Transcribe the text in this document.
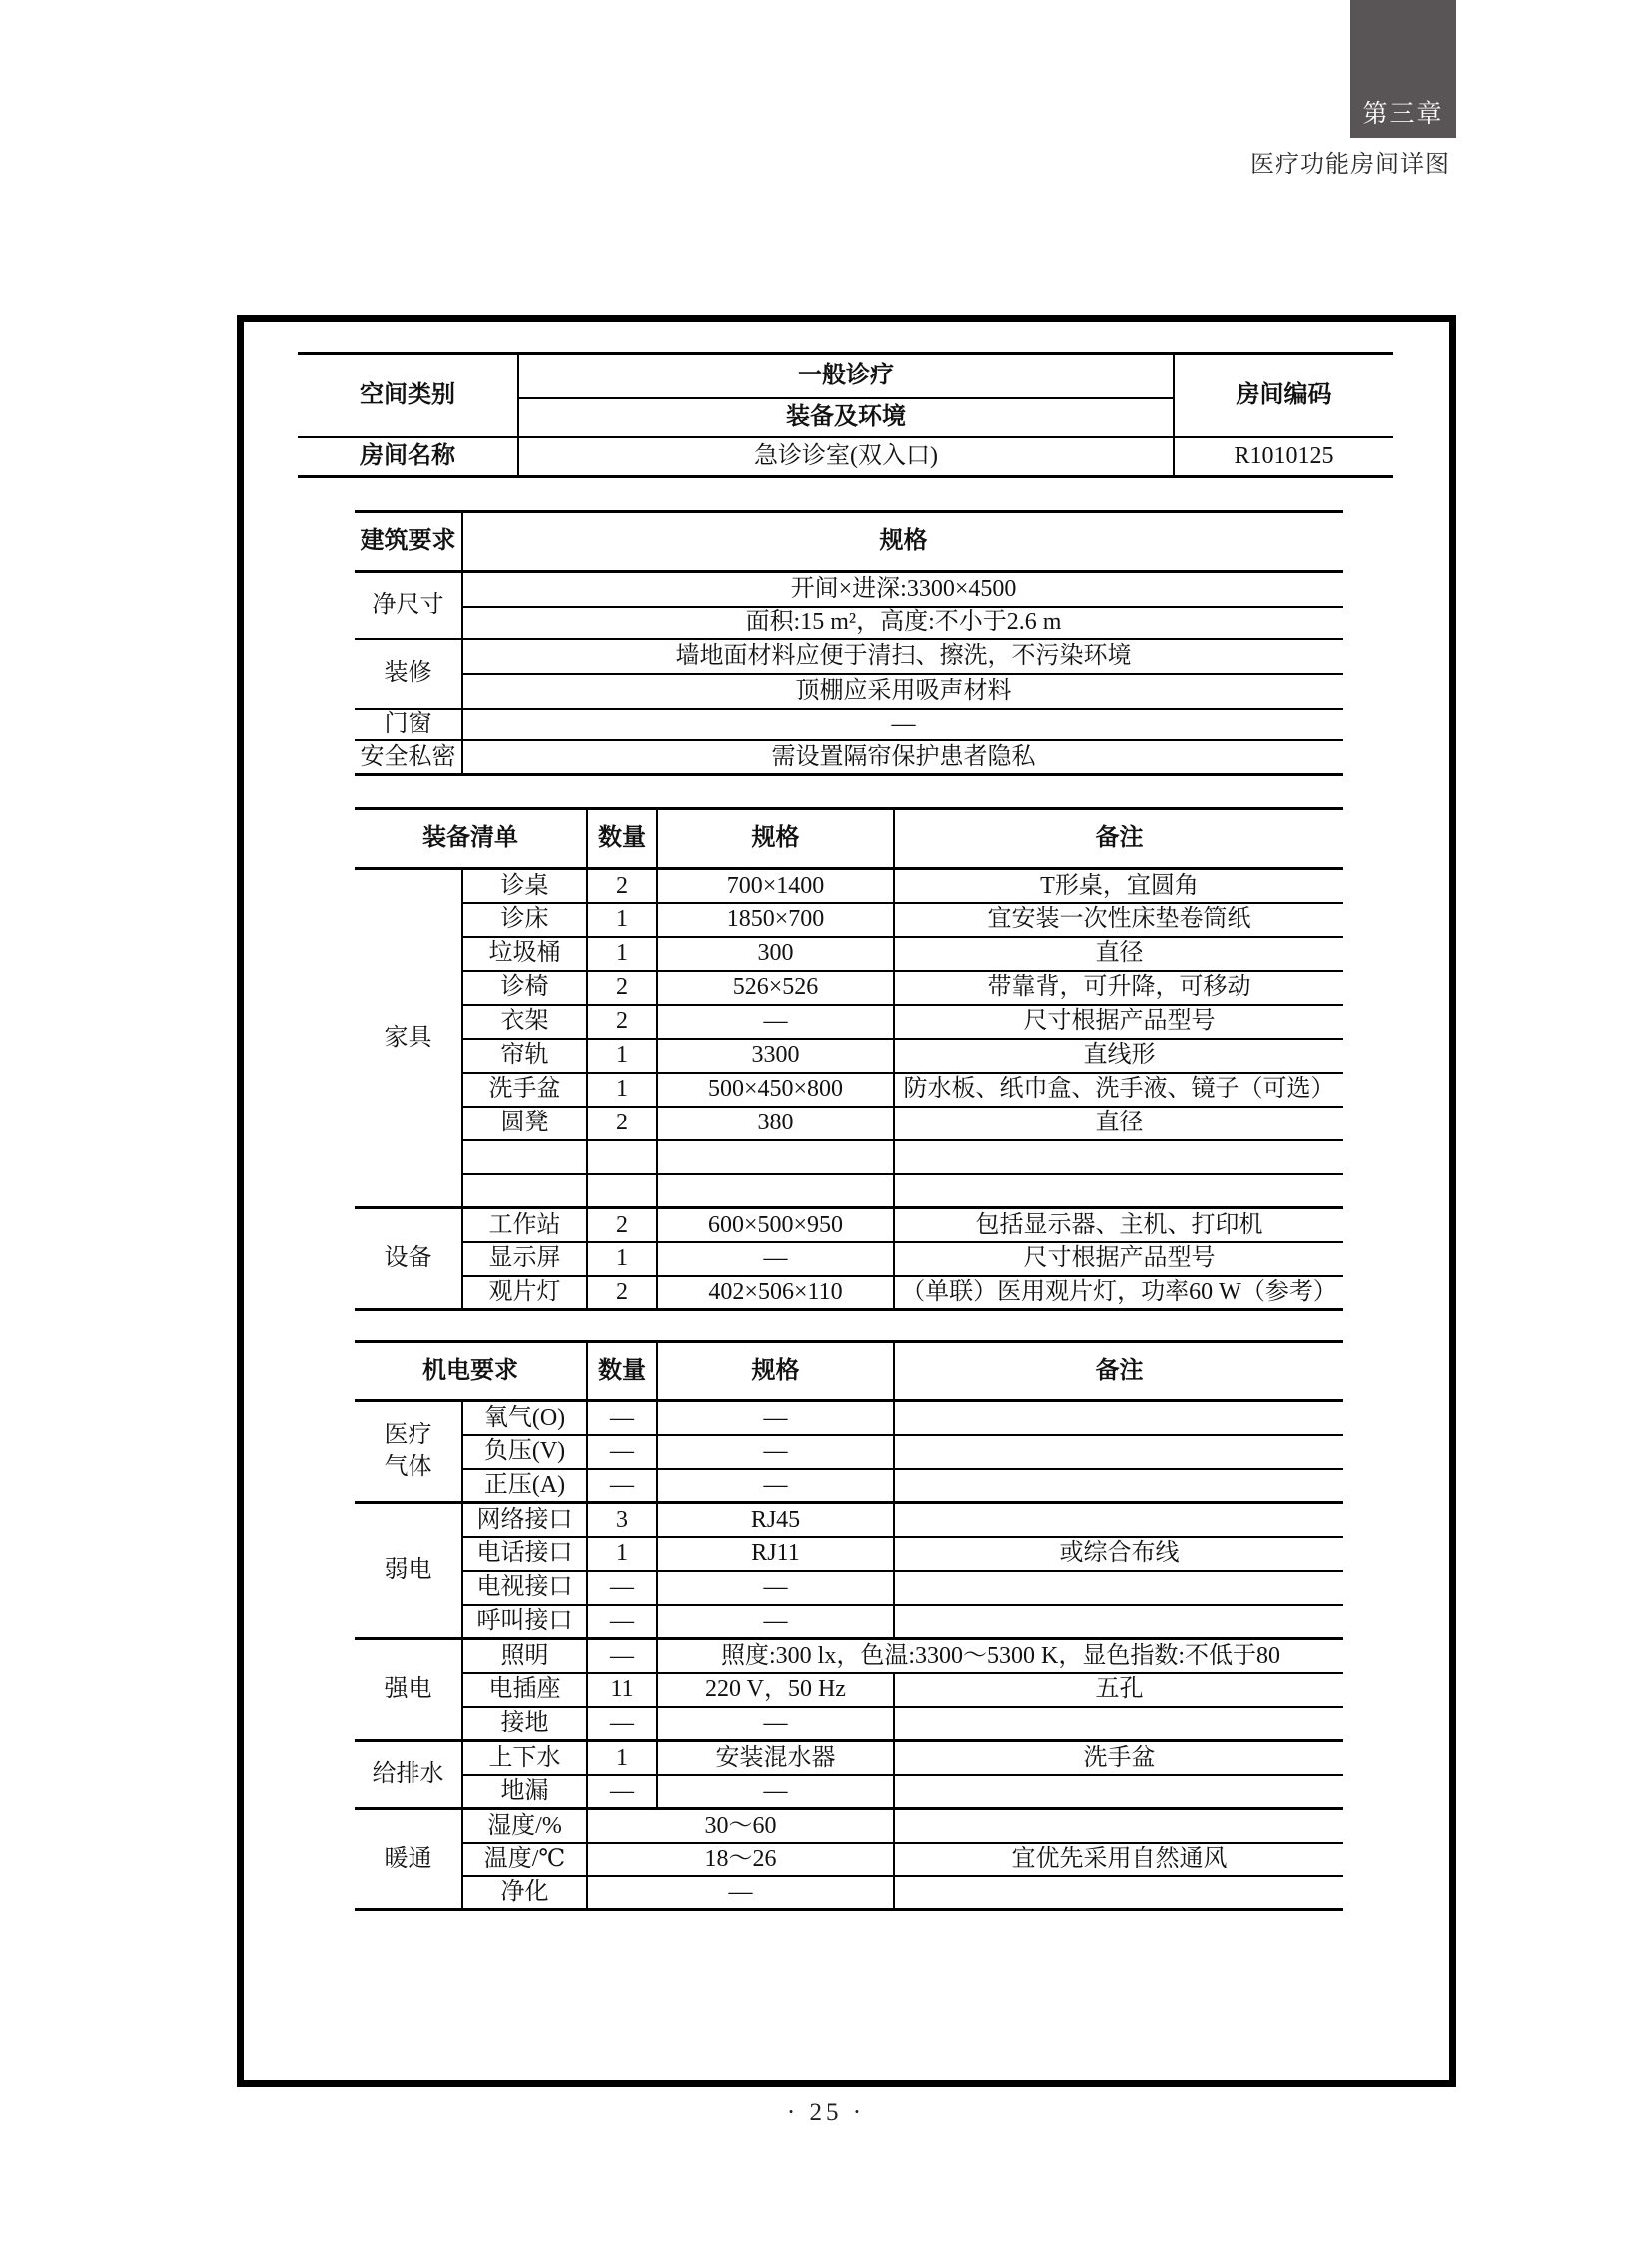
第三章
医疗功能房间详图
空间类别	一般诊疗	房间编码
	装备及环境	
房间名称	急诊诊室(双入口)	R1010125
建筑要求	规格
净尺寸	开间×进深:3300×4500
	面积:15 m²，高度:不小于2.6 m
装修	墙地面材料应便于清扫、擦洗，不污染环境
	顶棚应采用吸声材料
门窗	—
安全私密	需设置隔帘保护患者隐私
装备清单		数量	规格	备注
家具	诊桌	2	700×1400	T形桌，宜圆角
	诊床	1	1850×700	宜安装一次性床垫卷筒纸
	垃圾桶	1	300	直径
	诊椅	2	526×526	带靠背，可升降，可移动
	衣架	2	—	尺寸根据产品型号
	帘轨	1	3300	直线形
	洗手盆	1	500×450×800	防水板、纸巾盒、洗手液、镜子（可选）
	圆凳	2	380	直径

设备	工作站	2	600×500×950	包括显示器、主机、打印机
	显示屏	1	—	尺寸根据产品型号
	观片灯	2	402×506×110	（单联）医用观片灯，功率60 W（参考）
机电要求		数量	规格	备注
医疗气体	氧气(O)	—	—	
	负压(V)	—	—	
	正压(A)	—	—	
弱电	网络接口	3	RJ45	
	电话接口	1	RJ11	或综合布线
	电视接口	—	—	
	呼叫接口	—	—	
强电	照明	—	照度:300 lx，色温:3300～5300 K，显色指数:不低于80	
	电插座	11	220 V，50 Hz	五孔
	接地	—	—	
给排水	上下水	1	安装混水器	洗手盆
	地漏	—	—	
暖通	湿度/%	30～60		
	温度/℃	18～26		宜优先采用自然通风
	净化	—		
· 25 ·
